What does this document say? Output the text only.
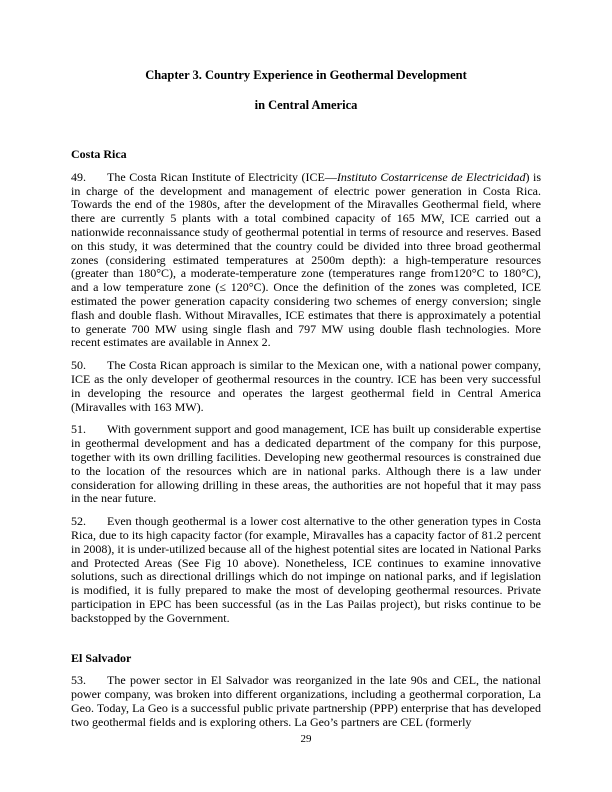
Chapter 3. Country Experience in Geothermal Development
in Central America
Costa Rica

49. The Costa Rican Institute of Electricity (ICE—Instituto Costarricense de Electricidad) is in charge of the development and management of electric power generation in Costa Rica. Towards the end of the 1980s, after the development of the Miravalles Geothermal field, where there are currently 5 plants with a total combined capacity of 165 MW, ICE carried out a nationwide reconnaissance study of geothermal potential in terms of resource and reserves. Based on this study, it was determined that the country could be divided into three broad geothermal zones (considering estimated temperatures at 2500m depth): a high-temperature resources (greater than 180°C), a moderate-temperature zone (temperatures range from120°C to 180°C), and a low temperature zone (≤ 120°C). Once the definition of the zones was completed, ICE estimated the power generation capacity considering two schemes of energy conversion; single flash and double flash. Without Miravalles, ICE estimates that there is approximately a potential to generate 700 MW using single flash and 797 MW using double flash technologies. More recent estimates are available in Annex 2.

50. The Costa Rican approach is similar to the Mexican one, with a national power company, ICE as the only developer of geothermal resources in the country. ICE has been very successful in developing the resource and operates the largest geothermal field in Central America (Miravalles with 163 MW).

51. With government support and good management, ICE has built up considerable expertise in geothermal development and has a dedicated department of the company for this purpose, together with its own drilling facilities. Developing new geothermal resources is constrained due to the location of the resources which are in national parks. Although there is a law under consideration for allowing drilling in these areas, the authorities are not hopeful that it may pass in the near future.

52. Even though geothermal is a lower cost alternative to the other generation types in Costa Rica, due to its high capacity factor (for example, Miravalles has a capacity factor of 81.2 percent in 2008), it is under-utilized because all of the highest potential sites are located in National Parks and Protected Areas (See Fig 10 above). Nonetheless, ICE continues to examine innovative solutions, such as directional drillings which do not impinge on national parks, and if legislation is modified, it is fully prepared to make the most of developing geothermal resources. Private participation in EPC has been successful (as in the Las Pailas project), but risks continue to be backstopped by the Government.

El Salvador

53. The power sector in El Salvador was reorganized in the late 90s and CEL, the national power company, was broken into different organizations, including a geothermal corporation, La Geo. Today, La Geo is a successful public private partnership (PPP) enterprise that has developed two geothermal fields and is exploring others. La Geo’s partners are CEL (formerly

29
